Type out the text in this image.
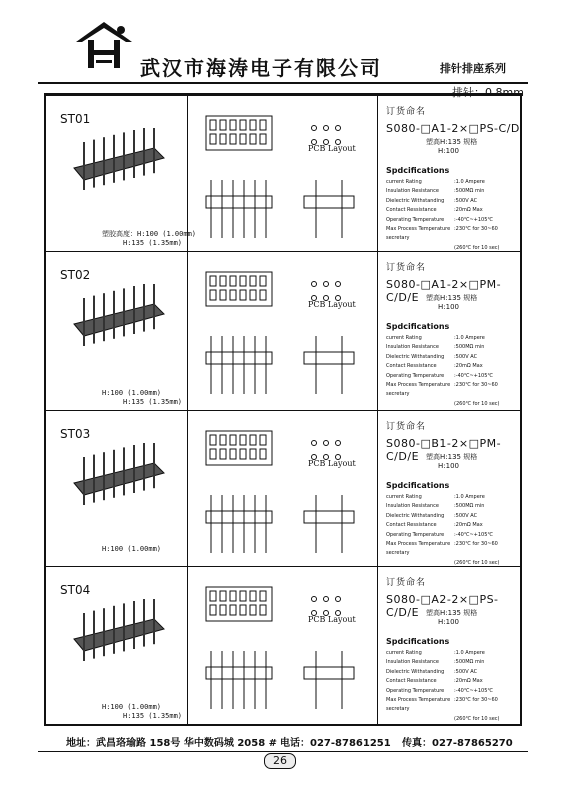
武汉市海涛电子有限公司	排针排座系列
排针：0.8mm
ST01
塑胶高度：H:100 (1.00mm)
H:135 (1.35mm)
PCB Layout
订货命名
S080-□A1-2×□PS-C/D
塑高H:135 规格
H:100
Spdcifications
current Rating	:1.0 Ampere
Insulation Resistance	:500MΩ min
Dielectric Withstanding :500V AC
Contact Ressistance	:20mΩ Max
Operating Temperature :-40℃~+105℃
Max Process Temperature :230℃ for 30~60 secretary
(260℃ for 10 sec)
ST02
H:100 (1.00mm)
H:135 (1.35mm)
PCB Layout
订货命名
S080-□A1-2×□PM-C/D/E 塑高H:135 规格
H:100
Spdcifications
current Rating	:1.0 Ampere
Insulation Resistance	:500MΩ min
Dielectric Withstanding :500V AC
Contact Ressistance	:20mΩ Max
Operating Temperature :-40℃~+105℃
Max Process Temperature :230℃ for 30~60 secretary
(260℃ for 10 sec)
ST03
H:100 (1.00mm)
PCB Layout
订货命名
S080-□B1-2×□PM-C/D/E 塑高H:135 规格
H:100
Spdcifications
current Rating	:1.0 Ampere
Insulation Resistance	:500MΩ min
Dielectric Withstanding :500V AC
Contact Ressistance	:20mΩ Max
Operating Temperature :-40℃~+105℃
Max Process Temperature :230℃ for 30~60 secretary
(260℃ for 10 sec)
ST04
H:100 (1.00mm)
H:135 (1.35mm)
PCB Layout
订货命名
S080-□A2-2×□PS-C/D/E 塑高H:135 规格
H:100
Spdcifications
current Rating	:1.0 Ampere
Insulation Resistance	:500MΩ min
Dielectric Withstanding :500V AC
Contact Ressistance	:20mΩ Max
Operating Temperature :-40℃~+105℃
Max Process Temperature :230℃ for 30~60 secretary
(260℃ for 10 sec)
地址：武昌珞瑜路 158号 华中数码城 2058 # 电话：027-87861251 传真：027-87865270
26
